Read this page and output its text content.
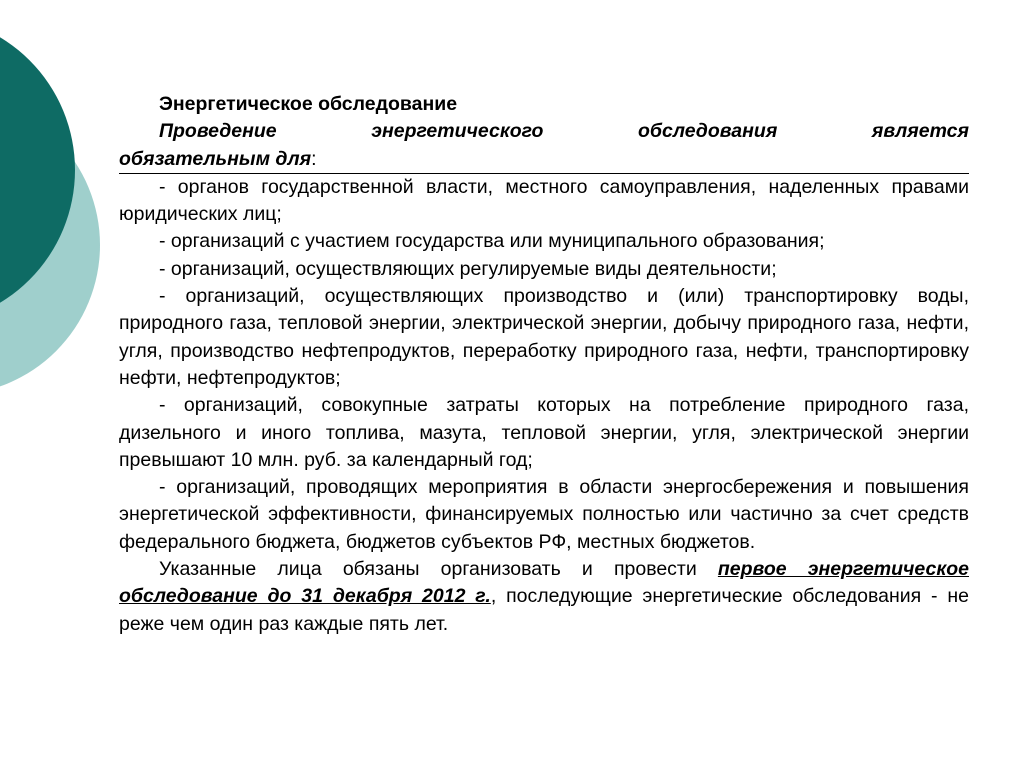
Энергетическое обследование

Проведение энергетического обследования является

обязательным для:

- органов государственной власти, местного самоуправления, наделенных правами юридических лиц;

- организаций с участием государства или муниципального образования;

- организаций, осуществляющих регулируемые виды деятельности;

- организаций, осуществляющих производство и (или) транспортировку воды, природного газа, тепловой энергии, электрической энергии, добычу природного газа, нефти, угля, производство нефтепродуктов, переработку природного газа, нефти, транспортировку нефти, нефтепродуктов;

- организаций, совокупные затраты которых на потребление природного газа, дизельного и иного топлива, мазута, тепловой энергии, угля, электрической энергии превышают 10 млн. руб. за календарный год;

- организаций, проводящих мероприятия в области энергосбережения и повышения энергетической эффективности, финансируемых полностью или частично за счет средств федерального бюджета, бюджетов субъектов РФ, местных бюджетов.

Указанные лица обязаны организовать и провести первое энергетическое обследование до 31 декабря 2012 г., последующие энергетические обследования - не реже чем один раз каждые пять лет.
